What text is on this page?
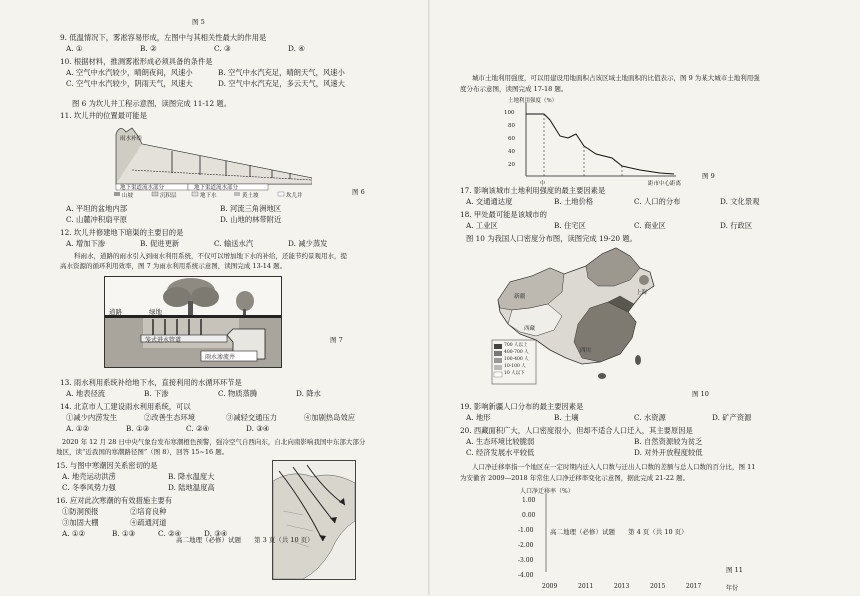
图 5
9. 低温情况下，雾凇容易形成，左图中与其相关性最大的作用是
A. ①	B. ②	C. ③	D. ④
10. 根据材料，推测雾凇形成必须具备的条件是
A. 空气中水汽较少，晴朗夜间，风速小	B. 空气中水汽充足，晴朗天气，风速小
C. 空气中水汽较少，阴雨天气，风速大	D. 空气中水汽充足，多云天气，风速大
图 6 为坎儿井工程示意图，读图完成 11-12 题。
11. 坎儿井的位置最可能是
雨水补给
地下渠道流水部分	地下渠道流水部分
山坡	沉积层	地下水	黄土坡	坎儿井	图 6
A. 平坦的盆地内部	B. 河流三角洲地区
C. 山麓冲积扇平原	D. 山地的林带附近
12. 坎儿井修建地下暗渠的主要目的是
A. 增加下渗	B. 促进更新	C. 输送水汽	D. 减少蒸发
科雨水，道路的雨水引入到雨水利用系统，不仅可以增加地下水的补给，还能节约景观用水，提
高水资源的循环利用效率，图 7 为雨水利用系统示意图，读图完成 13-14 题。
道路	绿地
笼式进水管道
雨水渗流井
图 7
13. 雨水利用系统补给地下水，直接利用的水循环环节是
A. 地表径流	B. 下渗	C. 物质蒸腾	D. 降水
14. 北京市人工建设雨水利用系统，可以
①减少内涝发生	②改善生态环境	③减轻交通压力	④加剧热岛效应
A. ①②	B. ①③	C. ②④	D. ③④
2020 年 12 月 28 日中央气象台发布寒潮橙色预警，强冷空气自西向东，自北向南影响我国中东部大部分
地区，读“近我国的寒潮路径图”（图 8），回答 15~16 题。
15. 与图中寒潮因关系密切的是
A. 地壳运动洪涝	B. 降水温度大
C. 冬季风势力强	D. 陆地温度高
16. 应对此次寒潮的有效措施主要有
①防洞预报	②培育良种
③加固大棚	④疏通河道
A. ①②	B. ①③	C. ②④	D. ③④
高二地理（必修）试题　　第 3 页（共 10 页）
城市土地利用强度，可以用建设用地面积占该区域土地面积的比值表示，图 9 为某大城市土地利用强
度分布示意图，读图完成 17-18 题。
土地利用强度（%）
100
80
60
40
20
中	距市中心距离
图 9
17. 影响该城市土地利用强度的最主要因素是
A. 交通通达度	B. 土地价格	C. 人口的分布	D. 文化景观
18. 甲处最可能是该城市的
A. 工业区	B. 住宅区	C. 商业区	D. 行政区
图 10 为我国人口密度分布图，读图完成 19-20 题。
新疆
西藏
四川
上海
700 人以上
400-700 人
100-400 人
10-100 人
10 人以下
图 10
19. 影响新疆人口分布的最主要因素是
A. 地形	B. 土壤	C. 水资源	D. 矿产资源
20. 西藏面积广大，人口密度很小，但却不适合人口迁入，其主要原因是
A. 生态环境比较脆弱	B. 自然资源较为贫乏
C. 经济发展水平较低	D. 对外开放程度较低
人口净迁移率指一个地区在一定时期内迁入人口数与迁出人口数的差额与总人口数的百分比，图 11
为安徽省 2009—2018 年常住人口净迁移率变化示意图，据此完成 21-22 题。
人口净迁移率（%）
1.00
0.00
-1.00
-2.00
-3.00
-4.00
2009	2011	2013	2015	2017	年份
高二地理（必修）试题　　第 4 页（共 10 页）
图 11
